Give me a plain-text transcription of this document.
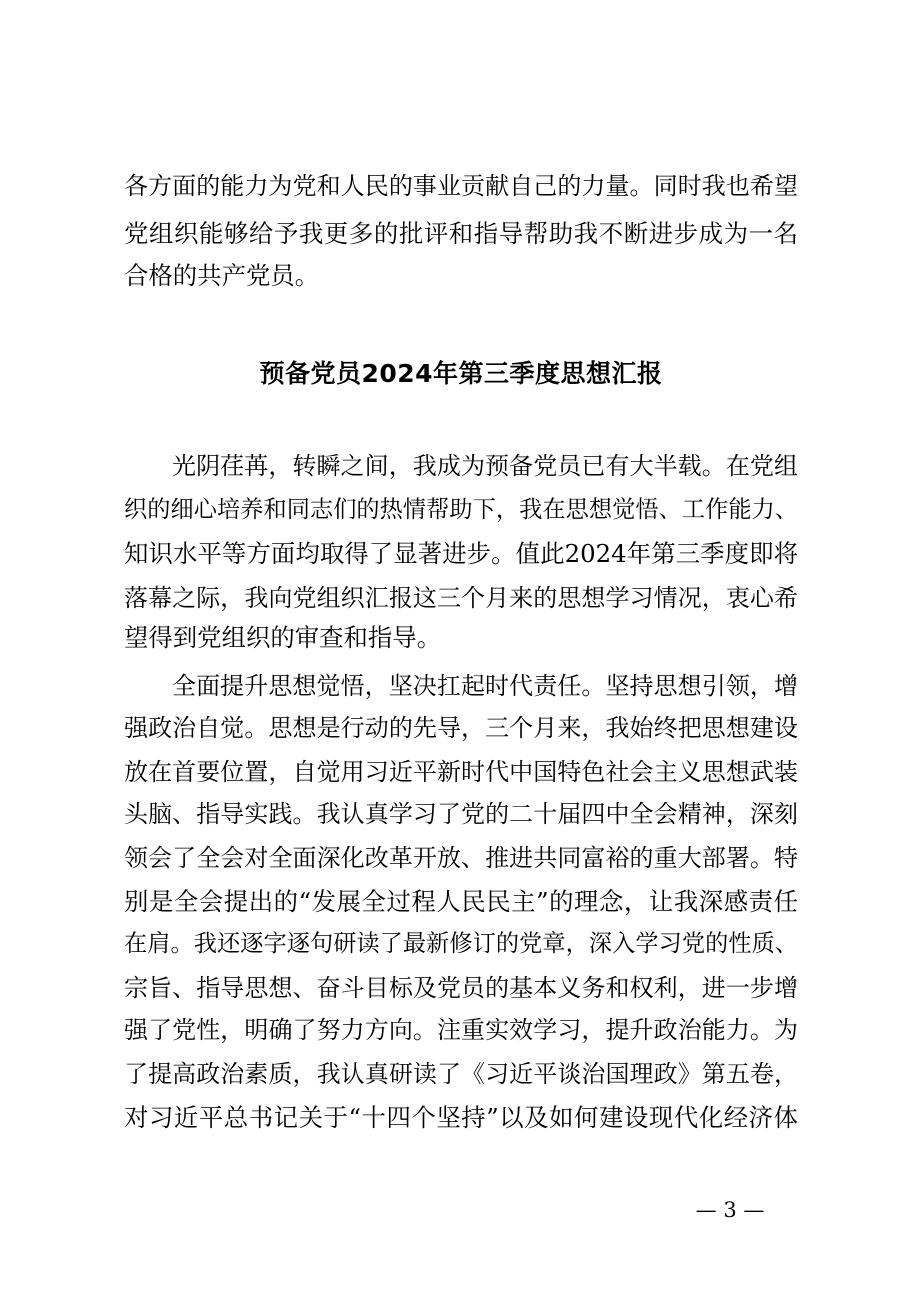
各方面的能力为党和人民的事业贡献自己的力量。同时我也希望
党组织能够给予我更多的批评和指导帮助我不断进步成为一名
合格的共产党员。
预备党员2024年第三季度思想汇报
光阴荏苒，转瞬之间，我成为预备党员已有大半载。在党组
织的细心培养和同志们的热情帮助下，我在思想觉悟、工作能力、
知识水平等方面均取得了显著进步。值此2024年第三季度即将
落幕之际，我向党组织汇报这三个月来的思想学习情况，衷心希
望得到党组织的审查和指导。
全面提升思想觉悟，坚决扛起时代责任。坚持思想引领，增
强政治自觉。思想是行动的先导，三个月来，我始终把思想建设
放在首要位置，自觉用习近平新时代中国特色社会主义思想武装
头脑、指导实践。我认真学习了党的二十届四中全会精神，深刻
领会了全会对全面深化改革开放、推进共同富裕的重大部署。特
别是全会提出的“发展全过程人民民主”的理念，让我深感责任
在肩。我还逐字逐句研读了最新修订的党章，深入学习党的性质、
宗旨、指导思想、奋斗目标及党员的基本义务和权利，进一步增
强了党性，明确了努力方向。注重实效学习，提升政治能力。为
了提高政治素质，我认真研读了《习近平谈治国理政》第五卷，
对习近平总书记关于“十四个坚持”以及如何建设现代化经济体
— 3 —
